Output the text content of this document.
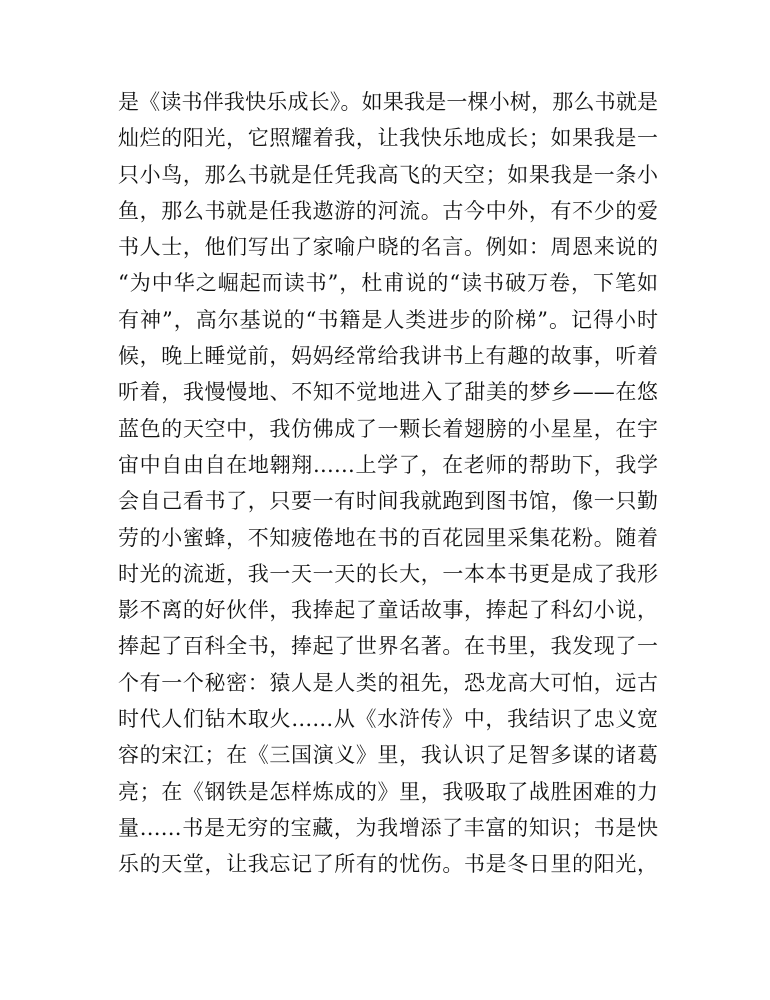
是《读书伴我快乐成长》。如果我是一棵小树，那么书就是
灿烂的阳光，它照耀着我，让我快乐地成长；如果我是一
只小鸟，那么书就是任凭我高飞的天空；如果我是一条小
鱼，那么书就是任我遨游的河流。古今中外，有不少的爱
书人士，他们写出了家喻户晓的名言。例如：周恩来说的
“为中华之崛起而读书”，杜甫说的“读书破万卷，下笔如
有神”，高尔基说的“书籍是人类进步的阶梯”。记得小时
候，晚上睡觉前，妈妈经常给我讲书上有趣的故事，听着
听着，我慢慢地、不知不觉地进入了甜美的梦乡——在悠
蓝色的天空中，我仿佛成了一颗长着翅膀的小星星，在宇
宙中自由自在地翱翔……上学了，在老师的帮助下，我学
会自己看书了，只要一有时间我就跑到图书馆，像一只勤
劳的小蜜蜂，不知疲倦地在书的百花园里采集花粉。随着
时光的流逝，我一天一天的长大，一本本书更是成了我形
影不离的好伙伴，我捧起了童话故事，捧起了科幻小说，
捧起了百科全书，捧起了世界名著。在书里，我发现了一
个有一个秘密：猿人是人类的祖先，恐龙高大可怕，远古
时代人们钻木取火……从《水浒传》中，我结识了忠义宽
容的宋江；在《三国演义》里，我认识了足智多谋的诸葛
亮；在《钢铁是怎样炼成的》里，我吸取了战胜困难的力
量……书是无穷的宝藏，为我增添了丰富的知识；书是快
乐的天堂，让我忘记了所有的忧伤。书是冬日里的阳光，
